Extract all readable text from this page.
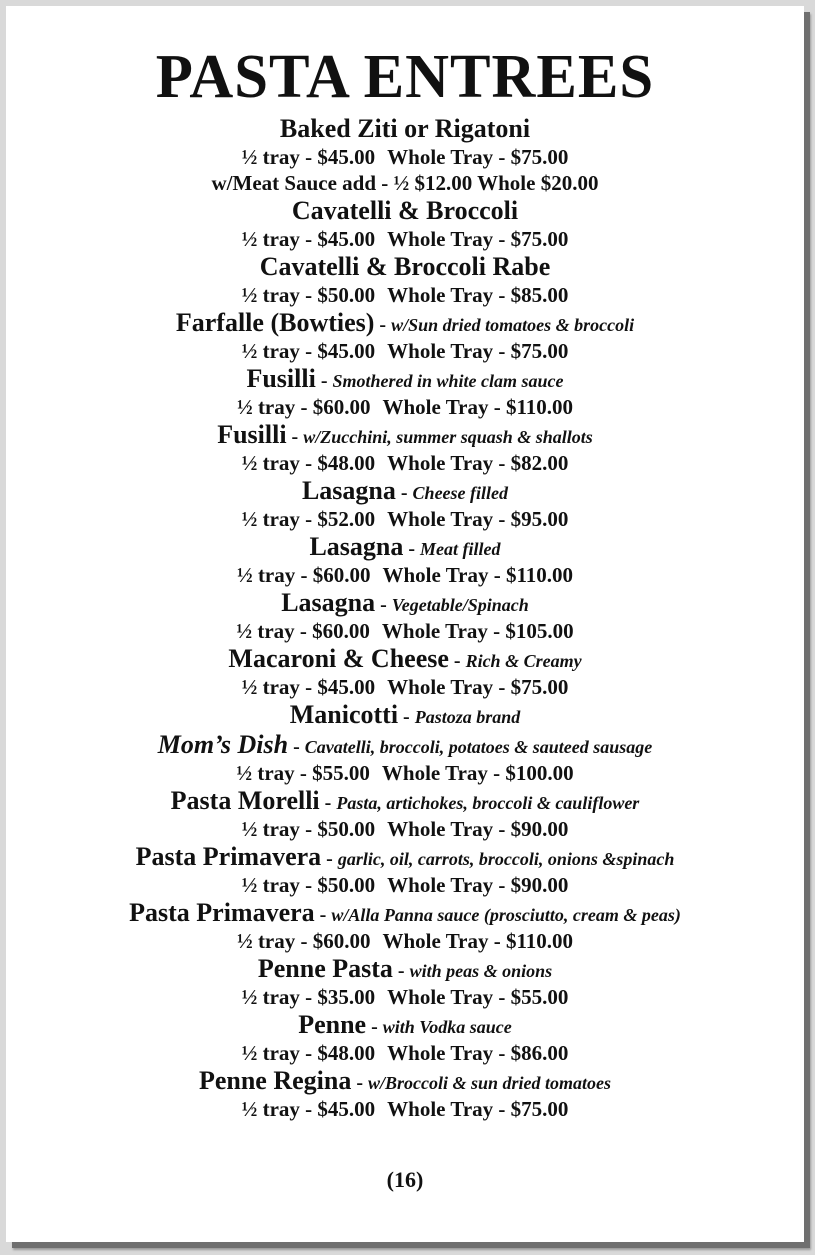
PASTA ENTREES
Baked Ziti or Rigatoni
½ tray - $45.00 Whole Tray - $75.00
w/Meat Sauce add - ½ $12.00 Whole $20.00
Cavatelli & Broccoli
½ tray - $45.00 Whole Tray - $75.00
Cavatelli & Broccoli Rabe
½ tray - $50.00 Whole Tray - $85.00
Farfalle (Bowties) - w/Sun dried tomatoes & broccoli
½ tray - $45.00 Whole Tray - $75.00
Fusilli - Smothered in white clam sauce
½ tray - $60.00 Whole Tray - $110.00
Fusilli - w/Zucchini, summer squash & shallots
½ tray - $48.00 Whole Tray - $82.00
Lasagna - Cheese filled
½ tray - $52.00 Whole Tray - $95.00
Lasagna - Meat filled
½ tray - $60.00 Whole Tray - $110.00
Lasagna - Vegetable/Spinach
½ tray - $60.00 Whole Tray - $105.00
Macaroni & Cheese - Rich & Creamy
½ tray - $45.00 Whole Tray - $75.00
Manicotti - Pastoza brand
Mom’s Dish - Cavatelli, broccoli, potatoes & sauteed sausage
½ tray - $55.00 Whole Tray - $100.00
Pasta Morelli - Pasta, artichokes, broccoli & cauliflower
½ tray - $50.00 Whole Tray - $90.00
Pasta Primavera - garlic, oil, carrots, broccoli, onions &spinach
½ tray - $50.00 Whole Tray - $90.00
Pasta Primavera - w/Alla Panna sauce (prosciutto, cream & peas)
½ tray - $60.00 Whole Tray - $110.00
Penne Pasta - with peas & onions
½ tray - $35.00 Whole Tray - $55.00
Penne - with Vodka sauce
½ tray - $48.00 Whole Tray - $86.00
Penne Regina - w/Broccoli & sun dried tomatoes
½ tray - $45.00 Whole Tray - $75.00
(16)
